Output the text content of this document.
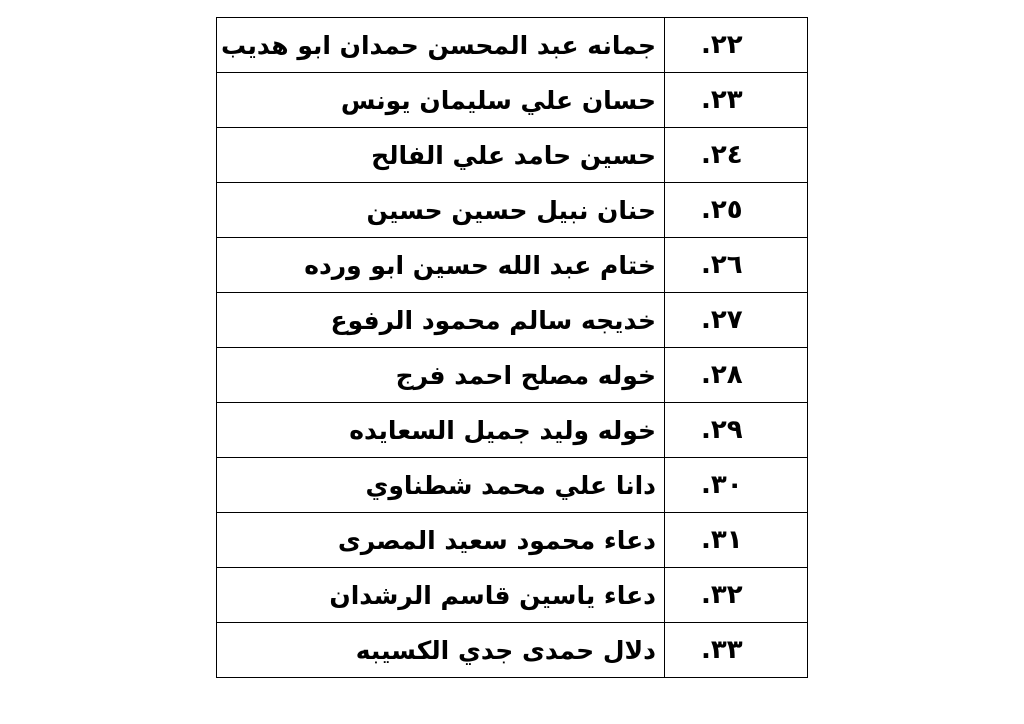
٢٢.	جمانه عبد المحسن حمدان ابو هديب
٢٣.	حسان علي سليمان يونس
٢٤.	حسين حامد علي الفالح
٢٥.	حنان نبيل حسين حسين
٢٦.	ختام عبد الله حسين ابو ورده
٢٧.	خديجه سالم محمود الرفوع
٢٨.	خوله مصلح احمد فرج
٢٩.	خوله وليد جميل السعايده
٣٠.	دانا علي محمد شطناوي
٣١.	دعاء محمود سعيد المصرى
٣٢.	دعاء ياسين قاسم الرشدان
٣٣.	دلال حمدى جدي الكسيبه
